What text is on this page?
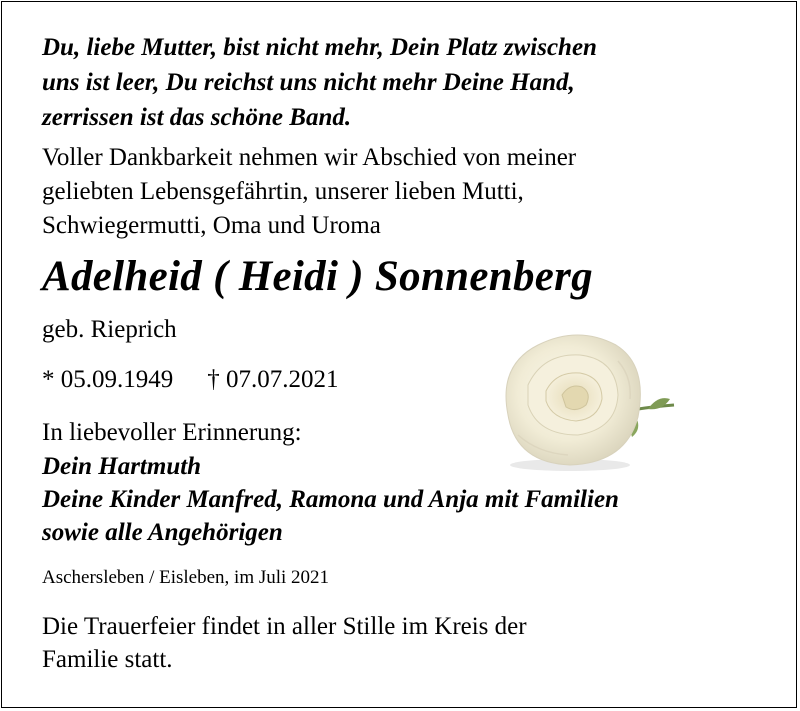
Du, liebe Mutter, bist nicht mehr, Dein Platz zwischen
uns ist leer, Du reichst uns nicht mehr Deine Hand,
zerrissen ist das schöne Band.

Voller Dankbarkeit nehmen wir Abschied von meiner
geliebten Lebensgefährtin, unserer lieben Mutti,
Schwiegermutti, Oma und Uroma

Adelheid ( Heidi ) Sonnenberg

geb. Rieprich

* 05.09.1949 † 07.07.2021

In liebevoller Erinnerung:

Dein Hartmuth
Deine Kinder Manfred, Ramona und Anja mit Familien
sowie alle Angehörigen

Aschersleben / Eisleben, im Juli 2021

Die Trauerfeier findet in aller Stille im Kreis der
Familie statt.
